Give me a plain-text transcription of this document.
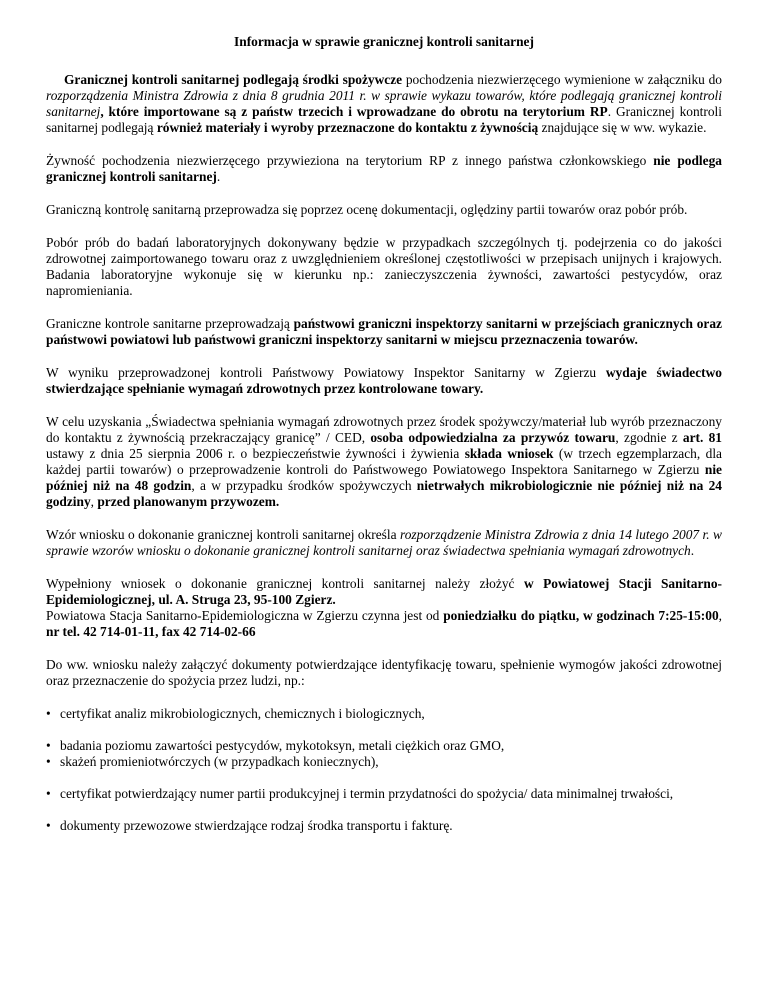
Informacja w sprawie granicznej kontroli sanitarnej

Granicznej kontroli sanitarnej podlegają środki spożywcze pochodzenia niezwierzęcego wymienione w załączniku do rozporządzenia Ministra Zdrowia z dnia 8 grudnia 2011 r. w sprawie wykazu towarów, które podlegają granicznej kontroli sanitarnej, które importowane są z państw trzecich i wprowadzane do obrotu na terytorium RP. Granicznej kontroli sanitarnej podlegają również materiały i wyroby przeznaczone do kontaktu z żywnością znajdujące się w ww. wykazie.

Żywność pochodzenia niezwierzęcego przywieziona na terytorium RP z innego państwa członkowskiego nie podlega granicznej kontroli sanitarnej.

Graniczną kontrolę sanitarną przeprowadza się poprzez ocenę dokumentacji, oględziny partii towarów oraz pobór prób.

Pobór prób do badań laboratoryjnych dokonywany będzie w przypadkach szczególnych tj. podejrzenia co do jakości zdrowotnej zaimportowanego towaru oraz z uwzględnieniem określonej częstotliwości w przepisach unijnych i krajowych. Badania laboratoryjne wykonuje się w kierunku np.: zanieczyszczenia żywności, zawartości pestycydów, oraz napromieniania.

Graniczne kontrole sanitarne przeprowadzają państwowi graniczni inspektorzy sanitarni w przejściach granicznych oraz państwowi powiatowi lub państwowi graniczni inspektorzy sanitarni w miejscu przeznaczenia towarów.

W wyniku przeprowadzonej kontroli Państwowy Powiatowy Inspektor Sanitarny w Zgierzu wydaje świadectwo stwierdzające spełnianie wymagań zdrowotnych przez kontrolowane towary.

W celu uzyskania „Świadectwa spełniania wymagań zdrowotnych przez środek spożywczy/materiał lub wyrób przeznaczony do kontaktu z żywnością przekraczający granicę” / CED, osoba odpowiedzialna za przywóz towaru, zgodnie z art. 81 ustawy z dnia 25 sierpnia 2006 r. o bezpieczeństwie żywności i żywienia składa wniosek (w trzech egzemplarzach, dla każdej partii towarów) o przeprowadzenie kontroli do Państwowego Powiatowego Inspektora Sanitarnego w Zgierzu nie później niż na 48 godzin, a w przypadku środków spożywczych nietrwałych mikrobiologicznie nie później niż na 24 godziny, przed planowanym przywozem.

Wzór wniosku o dokonanie granicznej kontroli sanitarnej określa rozporządzenie Ministra Zdrowia z dnia 14 lutego 2007 r. w sprawie wzorów wniosku o dokonanie granicznej kontroli sanitarnej oraz świadectwa spełniania wymagań zdrowotnych.

Wypełniony wniosek o dokonanie granicznej kontroli sanitarnej należy złożyć w Powiatowej Stacji Sanitarno-Epidemiologicznej, ul. A. Struga 23, 95-100 Zgierz.
Powiatowa Stacja Sanitarno-Epidemiologiczna w Zgierzu czynna jest od poniedziałku do piątku, w godzinach 7:25-15:00, nr tel. 42 714-01-11, fax 42 714-02-66

Do ww. wniosku należy załączyć dokumenty potwierdzające identyfikację towaru, spełnienie wymogów jakości zdrowotnej oraz przeznaczenie do spożycia przez ludzi, np.:

• certyfikat analiz mikrobiologicznych, chemicznych i biologicznych,
• badania poziomu zawartości pestycydów, mykotoksyn, metali ciężkich oraz GMO,
• skażeń promieniotwórczych (w przypadkach koniecznych),
• certyfikat potwierdzający numer partii produkcyjnej i termin przydatności do spożycia/ data minimalnej trwałości,
• dokumenty przewozowe stwierdzające rodzaj środka transportu i fakturę.
